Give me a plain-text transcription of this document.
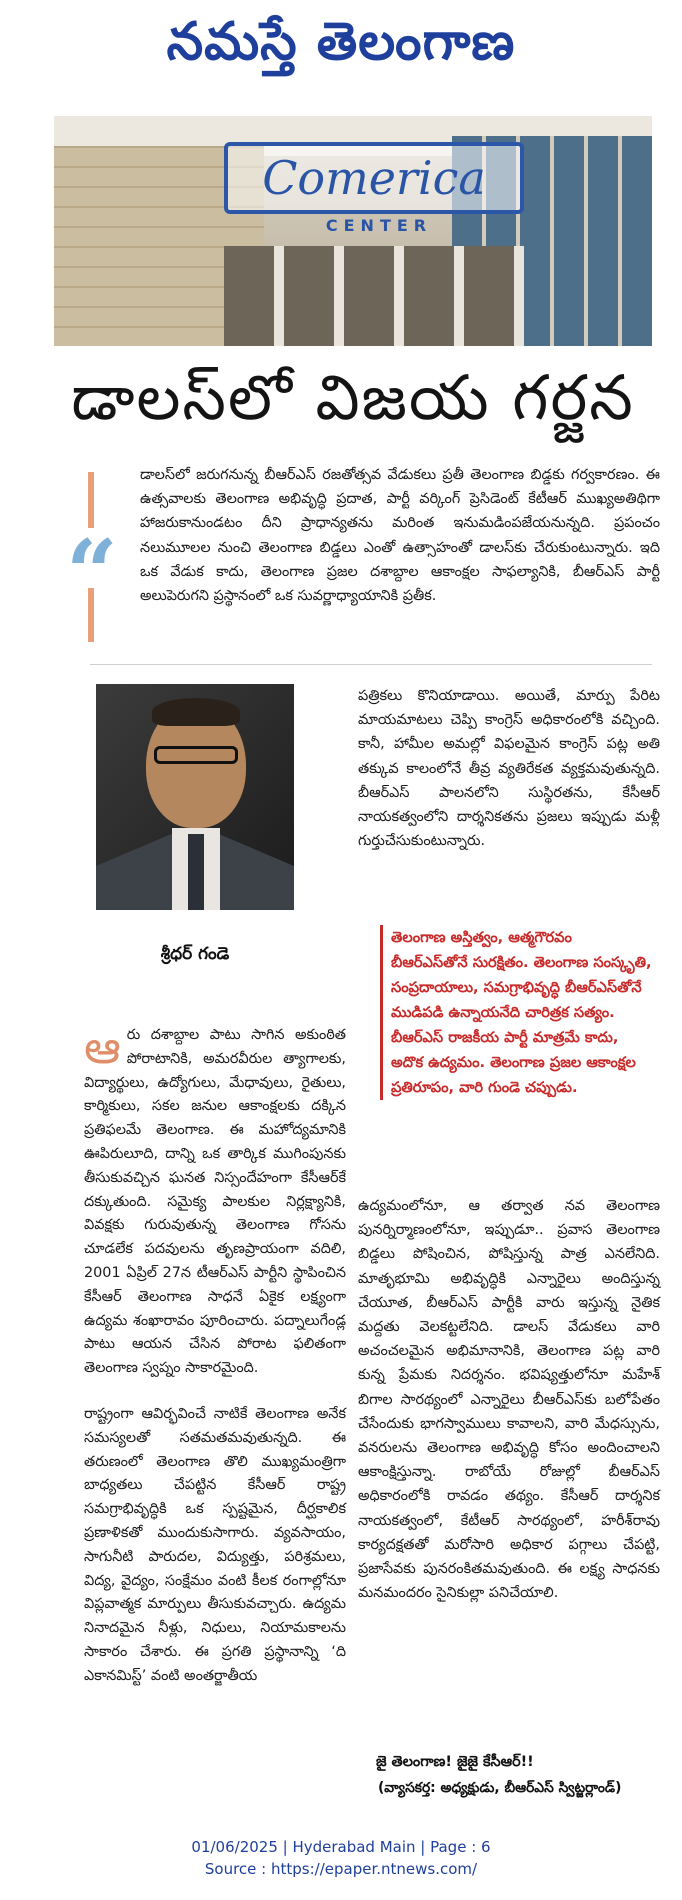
నమస్తే తెలంగాణ
Comerica
CENTER
డాలస్‌లో విజయ గర్జన
“
డాలస్‌లో జరుగనున్న బీఆర్‌ఎస్ రజతోత్సవ వేడుకలు ప్రతీ తెలంగాణ బిడ్డకు గర్వకారణం. ఈ ఉత్సవాలకు తెలంగాణ అభివృద్ధి ప్రదాత, పార్టీ వర్కింగ్ ప్రెసిడెంట్ కేటీఆర్ ముఖ్యఅతిథిగా హాజరుకానుండటం దీని ప్రాధాన్యతను మరింత ఇనుమడింపజేయనున్నది. ప్రపంచం నలుమూలల నుంచి తెలంగాణ బిడ్డలు ఎంతో ఉత్సాహంతో డాలస్‌కు చేరుకుంటున్నారు. ఇది ఒక వేడుక కాదు, తెలంగాణ ప్రజల దశాబ్దాల ఆకాంక్షల సాఫల్యానికి, బీఆర్‌ఎస్ పార్టీ అలుపెరుగని ప్రస్థానంలో ఒక సువర్ణాధ్యాయానికి ప్రతీక.
శ్రీధర్ గండె

ఆరు దశాబ్దాల పాటు సాగిన అకుంఠిత పోరాటానికి, అమరవీరుల త్యాగాలకు, విద్యార్థులు, ఉద్యోగులు, మేధావులు, రైతులు, కార్మికులు, సకల జనుల ఆకాంక్షలకు దక్కిన ప్రతిఫలమే తెలంగాణ. ఈ మహోద్యమానికి ఊపిరులూది, దాన్ని ఒక తార్కిక ముగింపునకు తీసుకువచ్చిన ఘనత నిస్సందేహంగా కేసీఆర్‌కే దక్కుతుంది. సమైక్య పాలకుల నిర్లక్ష్యానికి, వివక్షకు గురువుతున్న తెలంగాణ గోసను చూడలేక పదవులను తృణప్రాయంగా వదిలి, 2001 ఏప్రిల్ 27న టీఆర్‌ఎస్ పార్టీని స్థాపించిన కేసీఆర్ తెలంగాణ సాధనే ఏకైక లక్ష్యంగా ఉద్యమ శంఖారావం పూరించారు. పద్నాలుగేండ్ల పాటు ఆయన చేసిన పోరాట ఫలితంగా తెలంగాణ స్వప్నం సాకారమైంది.

రాష్ట్రంగా ఆవిర్భవించే నాటికే తెలంగాణ అనేక సమస్యలతో సతమతమవుతున్నది. ఈ తరుణంలో తెలంగాణ తొలి ముఖ్యమంత్రిగా బాధ్యతలు చేపట్టిన కేసీఆర్ రాష్ట్ర సమగ్రాభివృద్ధికి ఒక స్పష్టమైన, దీర్ఘకాలిక ప్రణాళికతో ముందుకుసాగారు. వ్యవసాయం, సాగునీటి పారుదల, విద్యుత్తు, పరిశ్రమలు, విద్య, వైద్యం, సంక్షేమం వంటి కీలక రంగాల్లోనూ విప్లవాత్మక మార్పులు తీసుకువచ్చారు. ఉద్యమ నినాదమైన నీళ్లు, నిధులు, నియామకాలను సాకారం చేశారు. ఈ ప్రగతి ప్రస్థానాన్ని ‘ది ఎకానమిస్ట్’ వంటి అంతర్జాతీయ

పత్రికలు కొనియాడాయి. అయితే, మార్పు పేరిట మాయమాటలు చెప్పి కాంగ్రెస్ అధికారంలోకి వచ్చింది. కానీ, హామీల అమల్లో విఫలమైన కాంగ్రెస్ పట్ల అతి తక్కువ కాలంలోనే తీవ్ర వ్యతిరేకత వ్యక్తమవుతున్నది. బీఆర్‌ఎస్ పాలనలోని సుస్థిరతను, కేసీఆర్ నాయకత్వంలోని దార్శనికతను ప్రజలు ఇప్పుడు మళ్లీ గుర్తుచేసుకుంటున్నారు.
తెలంగాణ అస్తిత్వం, ఆత్మగౌరవం బీఆర్‌ఎస్‌తోనే సురక్షితం. తెలంగాణ సంస్కృతి, సంప్రదాయాలు, సమగ్రాభివృద్ధి బీఆర్‌ఎస్‌తోనే ముడిపడి ఉన్నాయనేది చారిత్రక సత్యం. బీఆర్‌ఎస్ రాజకీయ పార్టీ మాత్రమే కాదు, అదొక ఉద్యమం. తెలంగాణ ప్రజల ఆకాంక్షల ప్రతిరూపం, వారి గుండె చప్పుడు.
ఉద్యమంలోనూ, ఆ తర్వాత నవ తెలంగాణ పునర్నిర్మాణంలోనూ, ఇప్పుడూ.. ప్రవాస తెలంగాణ బిడ్డలు పోషించిన, పోషిస్తున్న పాత్ర ఎనలేనిది. మాతృభూమి అభివృద్ధికి ఎన్నారైలు అందిస్తున్న చేయూత, బీఆర్‌ఎస్ పార్టీకి వారు ఇస్తున్న నైతిక మద్దతు వెలకట్టలేనిది. డాలస్ వేడుకలు వారి అచంచలమైన అభిమానానికి, తెలంగాణ పట్ల వారి కున్న ప్రేమకు నిదర్శనం. భవిష్యత్తులోనూ మహేశ్ బిగాల సారథ్యంలో ఎన్నారైలు బీఆర్‌ఎస్‌కు బలోపేతం చేసేందుకు భాగస్వాములు కావాలని, వారి మేధస్సును, వనరులను తెలంగాణ అభివృద్ధి కోసం అందించాలని ఆకాంక్షిస్తున్నా. రాబోయే రోజుల్లో బీఆర్‌ఎస్ అధికారంలోకి రావడం తథ్యం. కేసీఆర్ దార్శనిక నాయకత్వంలో, కేటీఆర్ సారథ్యంలో, హరీశ్‌రావు కార్యదక్షతతో మరోసారి అధికార పగ్గాలు చేపట్టి, ప్రజాసేవకు పునరంకితమవుతుంది. ఈ లక్ష్య సాధనకు మనమందరం సైనికుల్లా పనిచేయాలి.
జై తెలంగాణ! జైజై కేసీఆర్!!
(వ్యాసకర్త: అధ్యక్షుడు, బీఆర్‌ఎస్ స్విట్జర్లాండ్)
01/06/2025 | Hyderabad Main | Page : 6
Source : https://epaper.ntnews.com/
